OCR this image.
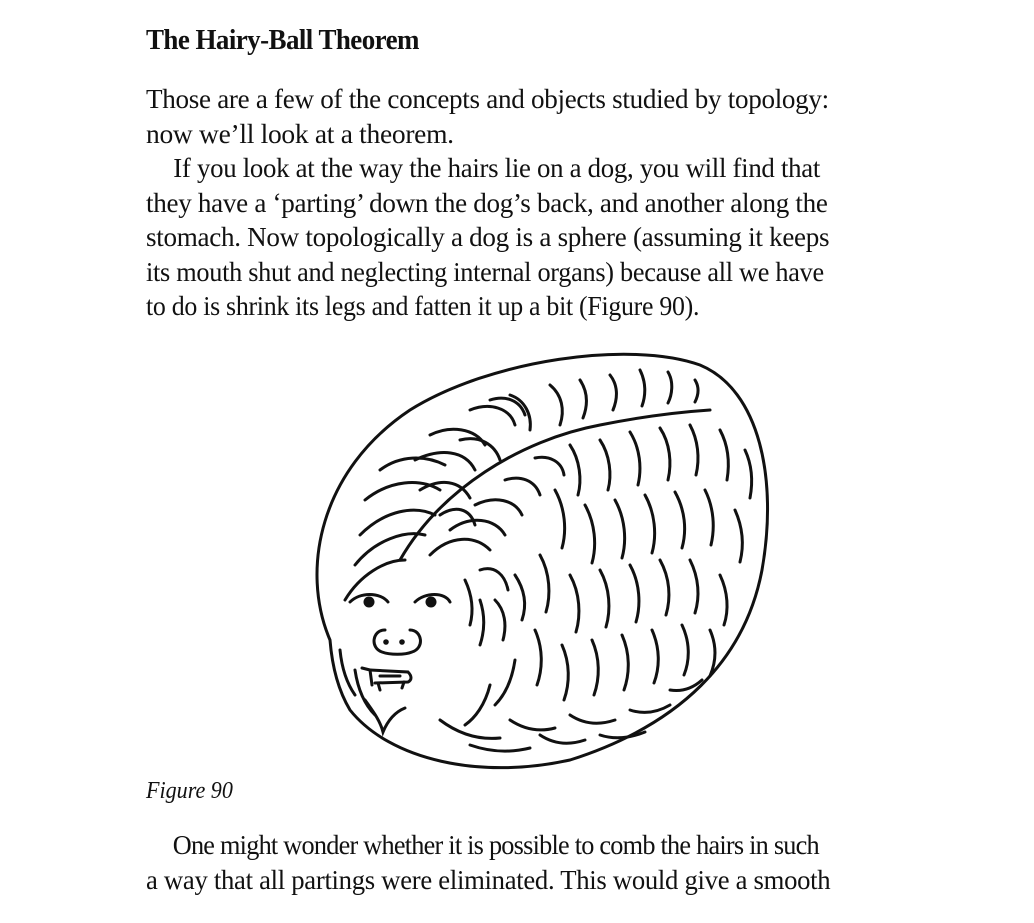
The Hairy-Ball Theorem

Those are a few of the concepts and objects studied by topology:
now we’ll look at a theorem.

If you look at the way the hairs lie on a dog, you will find that
they have a ‘parting’ down the dog’s back, and another along the
stomach. Now topologically a dog is a sphere (assuming it keeps
its mouth shut and neglecting internal organs) because all we have
to do is shrink its legs and fatten it up a bit (Figure 90).

Figure 90

One might wonder whether it is possible to comb the hairs in such
a way that all partings were eliminated. This would give a smooth
